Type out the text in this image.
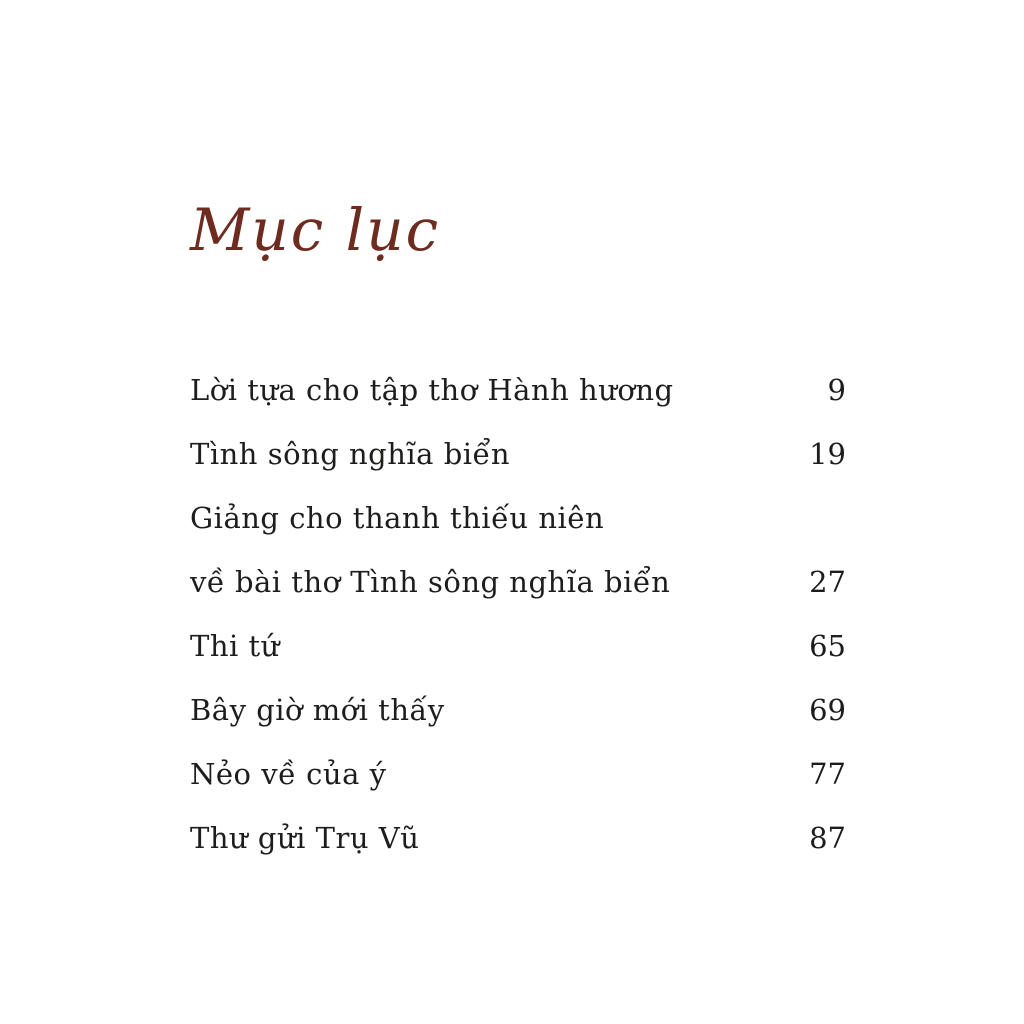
Mục lục
Lời tựa cho tập thơ Hành hương	9
Tình sông nghĩa biển	19
Giảng cho thanh thiếu niên
về bài thơ Tình sông nghĩa biển	27
Thi tứ	65
Bây giờ mới thấy	69
Nẻo về của ý	77
Thư gửi Trụ Vũ	87
